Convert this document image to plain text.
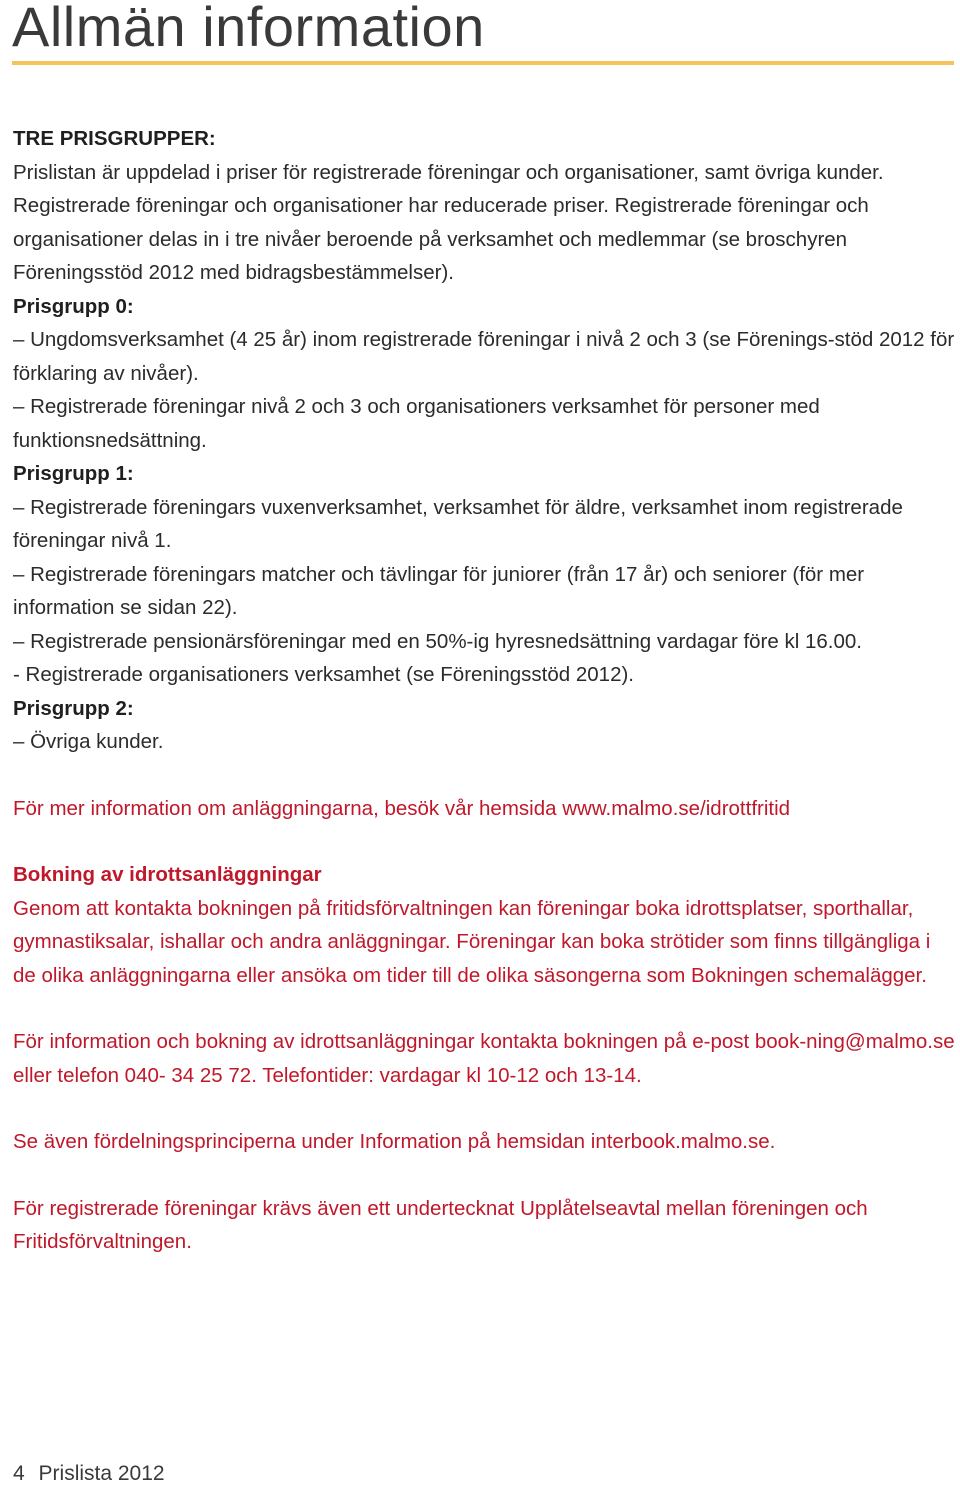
Allmän information

TRE PRISGRUPPER:

Prislistan är uppdelad i priser för registrerade föreningar och organisationer, samt övriga kunder. Registrerade föreningar och organisationer har reducerade priser. Registrerade föreningar och organisationer delas in i tre nivåer beroende på verksamhet och medlemmar (se broschyren Föreningsstöd 2012 med bidragsbestämmelser).

Prisgrupp 0:

– Ungdomsverksamhet (4 25 år) inom registrerade föreningar i nivå 2 och 3 (se Förenings-stöd 2012 för förklaring av nivåer).

– Registrerade föreningar nivå 2 och 3 och organisationers verksamhet för personer med funktionsnedsättning.

Prisgrupp 1:

– Registrerade föreningars vuxenverksamhet, verksamhet för äldre, verksamhet inom registrerade föreningar nivå 1.

– Registrerade föreningars matcher och tävlingar för juniorer (från 17 år) och seniorer (för mer information se sidan 22).

– Registrerade pensionärsföreningar med en 50%-ig hyresnedsättning vardagar före kl 16.00.

- Registrerade organisationers verksamhet (se Föreningsstöd 2012).

Prisgrupp 2:

– Övriga kunder.

För mer information om anläggningarna, besök vår hemsida www.malmo.se/idrottfritid

Bokning av idrottsanläggningar

Genom att kontakta bokningen på fritidsförvaltningen kan föreningar boka idrottsplatser, sporthallar, gymnastiksalar, ishallar och andra anläggningar. Föreningar kan boka strötider som finns tillgängliga i de olika anläggningarna eller ansöka om tider till de olika säsongerna som Bokningen schemalägger.

För information och bokning av idrottsanläggningar kontakta bokningen på e-post book-ning@malmo.se eller telefon 040- 34 25 72. Telefontider: vardagar kl 10-12 och 13-14.

Se även fördelningsprinciperna under Information på hemsidan interbook.malmo.se.

För registrerade föreningar krävs även ett undertecknat Upplåtelseavtal mellan föreningen och Fritidsförvaltningen.

4 Prislista 2012
